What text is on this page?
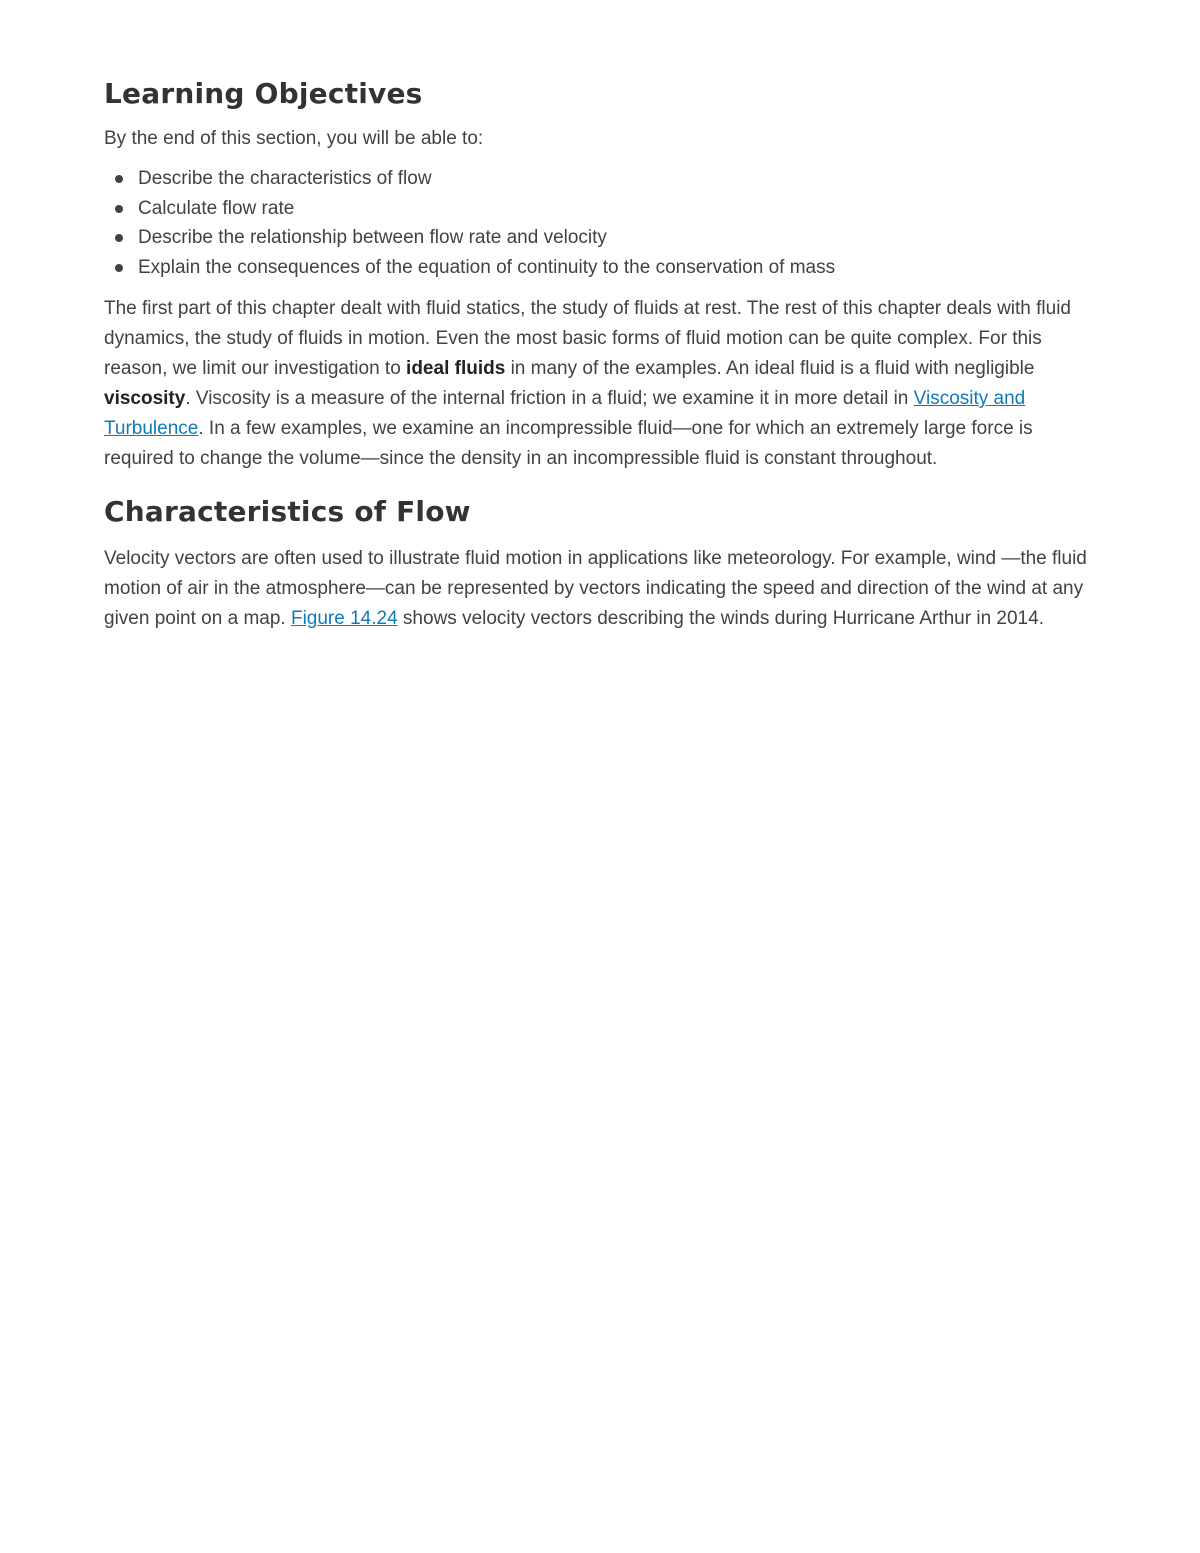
Learning Objectives
By the end of this section, you will be able to:
Describe the characteristics of flow
Calculate flow rate
Describe the relationship between flow rate and velocity
Explain the consequences of the equation of continuity to the conservation of mass

The first part of this chapter dealt with fluid statics, the study of fluids at rest. The rest of this chapter deals with fluid dynamics, the study of fluids in motion. Even the most basic forms of fluid motion can be quite complex. For this reason, we limit our investigation to ideal fluids in many of the examples. An ideal fluid is a fluid with negligible viscosity. Viscosity is a measure of the internal friction in a fluid; we examine it in more detail in Viscosity and Turbulence. In a few examples, we examine an incompressible fluid—one for which an extremely large force is required to change the volume—since the density in an incompressible fluid is constant throughout.

Characteristics of Flow

Velocity vectors are often used to illustrate fluid motion in applications like meteorology. For example, wind —the fluid motion of air in the atmosphere—can be represented by vectors indicating the speed and direction of the wind at any given point on a map. Figure 14.24 shows velocity vectors describing the winds during Hurricane Arthur in 2014.
